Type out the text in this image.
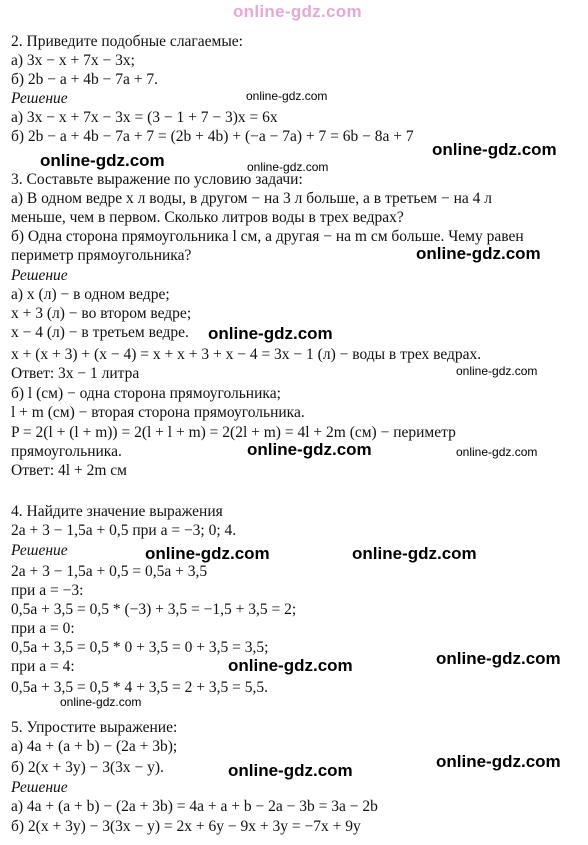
online-gdz.com
2. Приведите подобные слагаемые:
а) 3x − x + 7x − 3x;
б) 2b − a + 4b − 7a + 7.
Решение
а) 3x − x + 7x − 3x = (3 − 1 + 7 − 3)x = 6x
б) 2b − a + 4b − 7a + 7 = (2b + 4b) + (−a − 7a) + 7 = 6b − 8a + 7
3. Составьте выражение по условию задачи:
а) В одном ведре x л воды, в другом − на 3 л больше, а в третьем − на 4 л
меньше, чем в первом. Сколько литров воды в трех ведрах?
б) Одна сторона прямоугольника l см, а другая − на m см больше. Чему равен
периметр прямоугольника?
Решение
а) x (л) − в одном ведре;
x + 3 (л) − во втором ведре;
x − 4 (л) − в третьем ведре.
x + (x + 3) + (x − 4) = x + x + 3 + x − 4 = 3x − 1 (л) − воды в трех ведрах.
Ответ: 3x − 1 литра
б) l (см) − одна сторона прямоугольника;
l + m (см) − вторая сторона прямоугольника.
P = 2(l + (l + m)) = 2(l + l + m) = 2(2l + m) = 4l + 2m (см) − периметр
прямоугольника.
Ответ: 4l + 2m см
4. Найдите значение выражения
2a + 3 − 1,5a + 0,5 при a = −3; 0; 4.
Решение
2a + 3 − 1,5a + 0,5 = 0,5a + 3,5
при a = −3:
0,5a + 3,5 = 0,5 * (−3) + 3,5 = −1,5 + 3,5 = 2;
при a = 0:
0,5a + 3,5 = 0,5 * 0 + 3,5 = 0 + 3,5 = 3,5;
при a = 4:
0,5a + 3,5 = 0,5 * 4 + 3,5 = 2 + 3,5 = 5,5.
5. Упростите выражение:
а) 4a + (a + b) − (2a + 3b);
б) 2(x + 3y) − 3(3x − y).
Решение
а) 4a + (a + b) − (2a + 3b) = 4a + a + b − 2a − 3b = 3a − 2b
б) 2(x + 3y) − 3(3x − y) = 2x + 6y − 9x + 3y = −7x + 9y
online-gdz.com
online-gdz.com	online-gdz.com
online-gdz.com
online-gdz.com
online-gdz.com
online-gdz.com
online-gdz.com	online-gdz.com
online-gdz.com	online-gdz.com
online-gdz.com
online-gdz.com
online-gdz.com
online-gdz.com
online-gdz.com
